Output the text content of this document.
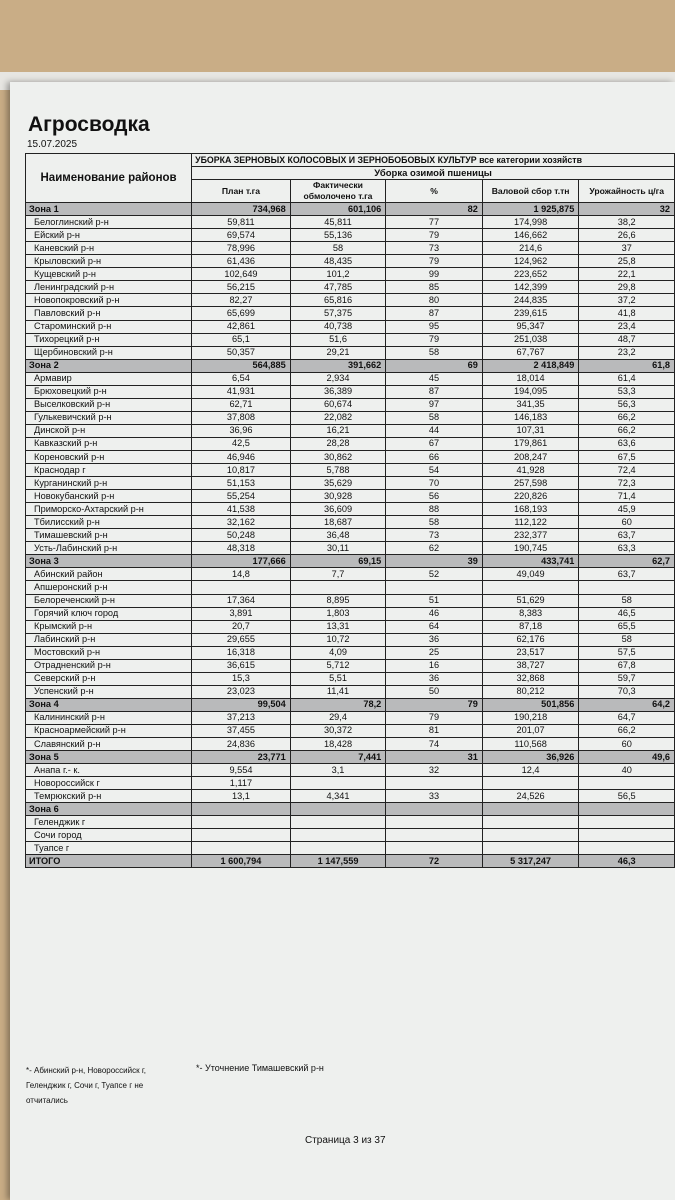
Агросводка
15.07.2025
Наименование районов	УБОРКА ЗЕРНОВЫХ КОЛОСОВЫХ И ЗЕРНОБОБОВЫХ КУЛЬТУР все категории хозяйств				
	Уборка озимой пшеницы				
	План т.га	Фактически обмолочено т.га	%	Валовой сбор т.тн	Урожайность ц/га
Зона 1	734,968	601,106	82	1 925,875	32
Белоглинский р-н	59,811	45,811	77	174,998	38,2
Ейский р-н	69,574	55,136	79	146,662	26,6
Каневский р-н	78,996	58	73	214,6	37
Крыловский р-н	61,436	48,435	79	124,962	25,8
Кущевский р-н	102,649	101,2	99	223,652	22,1
Ленинградский р-н	56,215	47,785	85	142,399	29,8
Новопокровский р-н	82,27	65,816	80	244,835	37,2
Павловский р-н	65,699	57,375	87	239,615	41,8
Староминский р-н	42,861	40,738	95	95,347	23,4
Тихорецкий р-н	65,1	51,6	79	251,038	48,7
Щербиновский р-н	50,357	29,21	58	67,767	23,2
Зона 2	564,885	391,662	69	2 418,849	61,8
Армавир	6,54	2,934	45	18,014	61,4
Брюховецкий р-н	41,931	36,389	87	194,095	53,3
Выселковский р-н	62,71	60,674	97	341,35	56,3
Гулькевичский р-н	37,808	22,082	58	146,183	66,2
Динской р-н	36,96	16,21	44	107,31	66,2
Кавказский р-н	42,5	28,28	67	179,861	63,6
Кореновский р-н	46,946	30,862	66	208,247	67,5
Краснодар г	10,817	5,788	54	41,928	72,4
Курганинский р-н	51,153	35,629	70	257,598	72,3
Новокубанский р-н	55,254	30,928	56	220,826	71,4
Приморско-Ахтарский р-н	41,538	36,609	88	168,193	45,9
Тбилисский р-н	32,162	18,687	58	112,122	60
Тимашевский р-н	50,248	36,48	73	232,377	63,7
Усть-Лабинский р-н	48,318	30,11	62	190,745	63,3
Зона 3	177,666	69,15	39	433,741	62,7
Абинский район	14,8	7,7	52	49,049	63,7
Апшеронский р-н					
Белореченский р-н	17,364	8,895	51	51,629	58
Горячий ключ город	3,891	1,803	46	8,383	46,5
Крымский р-н	20,7	13,31	64	87,18	65,5
Лабинский р-н	29,655	10,72	36	62,176	58
Мостовский р-н	16,318	4,09	25	23,517	57,5
Отрадненский р-н	36,615	5,712	16	38,727	67,8
Северский р-н	15,3	5,51	36	32,868	59,7
Успенский р-н	23,023	11,41	50	80,212	70,3
Зона 4	99,504	78,2	79	501,856	64,2
Калининский р-н	37,213	29,4	79	190,218	64,7
Красноармейский р-н	37,455	30,372	81	201,07	66,2
Славянский р-н	24,836	18,428	74	110,568	60
Зона 5	23,771	7,441	31	36,926	49,6
Анапа г.- к.	9,554	3,1	32	12,4	40
Новороссийск г	1,117				
Темрюкский р-н	13,1	4,341	33	24,526	56,5
Зона 6					
Геленджик г					
Сочи город					
Туапсе г					
ИТОГО	1 600,794	1 147,559	72	5 317,247	46,3
*- Абинский р-н, Новороссийск г, Геленджик г, Сочи г, Туапсе г не отчитались
*- Уточнение Тимашевский р-н
Страница 3 из 37
